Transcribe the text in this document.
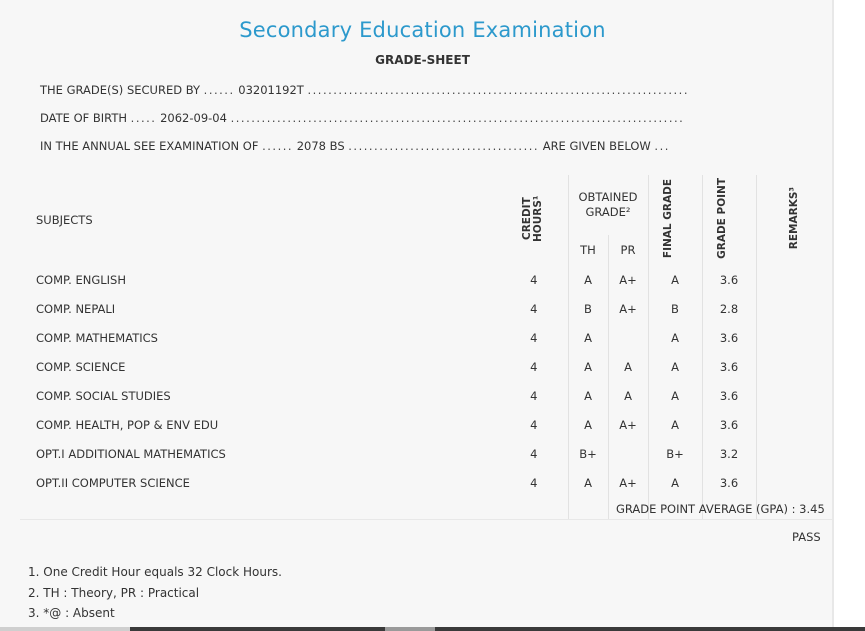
Secondary Education Examination
GRADE-SHEET
THE GRADE(S) SECURED BY ...... 03201192T ..........................................................................
DATE OF BIRTH ..... 2062-09-04 ........................................................................................
IN THE ANNUAL SEE EXAMINATION OF ...... 2078 BS ..................................... ARE GIVEN BELOW ...
SUBJECTS	CREDIT HOURS¹	OBTAINED GRADE²		FINAL GRADE	GRADE POINT	REMARKS³
		TH	PR			
COMP. ENGLISH	4	A	A+	A	3.6	
COMP. NEPALI	4	B	A+	B	2.8	
COMP. MATHEMATICS	4	A		A	3.6	
COMP. SCIENCE	4	A	A	A	3.6	
COMP. SOCIAL STUDIES	4	A	A	A	3.6	
COMP. HEALTH, POP & ENV EDU	4	A	A+	A	3.6	
OPT.I ADDITIONAL MATHEMATICS	4	B+		B+	3.2	
OPT.II COMPUTER SCIENCE	4	A	A+	A	3.6	

GRADE POINT AVERAGE (GPA) : 3.45
PASS
1. One Credit Hour equals 32 Clock Hours.
2. TH : Theory, PR : Practical
3. *@ : Absent
